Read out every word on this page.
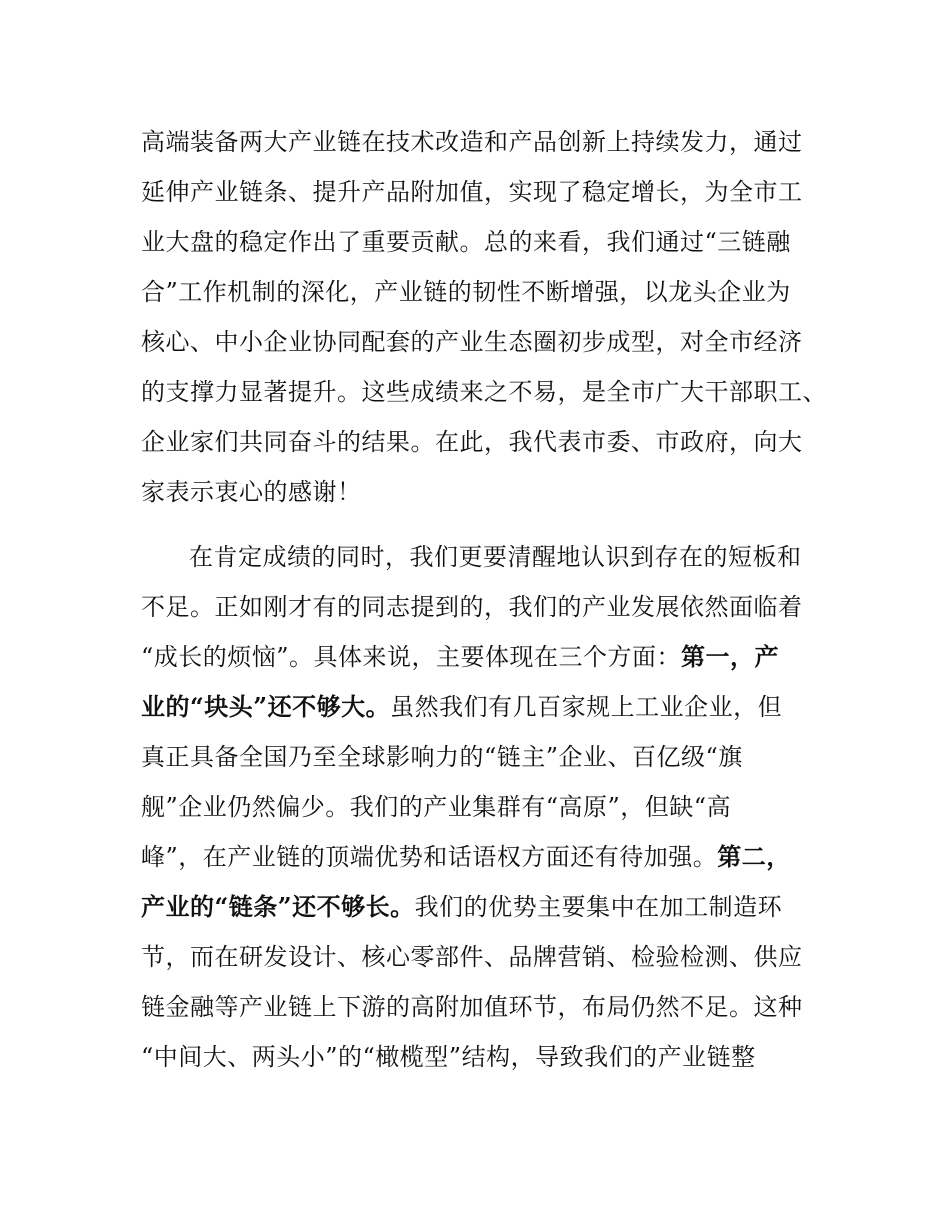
高端装备两大产业链在技术改造和产品创新上持续发力，通过
延伸产业链条、提升产品附加值，实现了稳定增长，为全市工
业大盘的稳定作出了重要贡献。总的来看，我们通过“三链融
合”工作机制的深化，产业链的韧性不断增强，以龙头企业为
核心、中小企业协同配套的产业生态圈初步成型，对全市经济
的支撑力显著提升。这些成绩来之不易，是全市广大干部职工、
企业家们共同奋斗的结果。在此，我代表市委、市政府，向大
家表示衷心的感谢！
在肯定成绩的同时，我们更要清醒地认识到存在的短板和
不足。正如刚才有的同志提到的，我们的产业发展依然面临着
“成长的烦恼”。具体来说，主要体现在三个方面：第一，产
业的“块头”还不够大。虽然我们有几百家规上工业企业，但
真正具备全国乃至全球影响力的“链主”企业、百亿级“旗
舰”企业仍然偏少。我们的产业集群有“高原”，但缺“高
峰”，在产业链的顶端优势和话语权方面还有待加强。第二，
产业的“链条”还不够长。我们的优势主要集中在加工制造环
节，而在研发设计、核心零部件、品牌营销、检验检测、供应
链金融等产业链上下游的高附加值环节，布局仍然不足。这种
“中间大、两头小”的“橄榄型”结构，导致我们的产业链整
